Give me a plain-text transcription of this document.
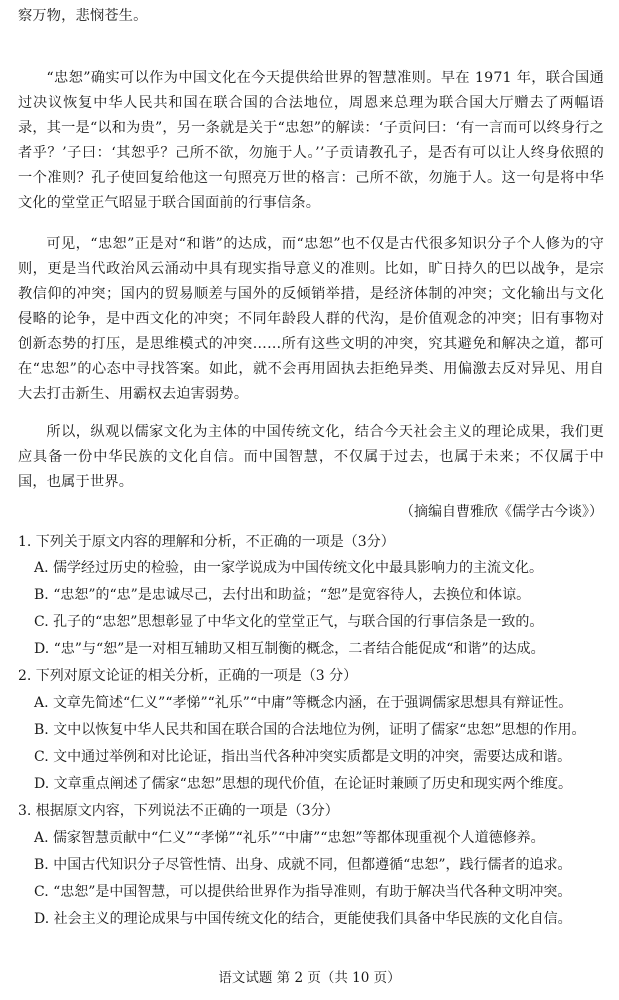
察万物，悲悯苍生。

“忠恕”确实可以作为中国文化在今天提供给世界的智慧准则。早在 1971 年，联合国通过决议恢复中华人民共和国在联合国的合法地位，周恩来总理为联合国大厅赠去了两幅语录，其一是“以和为贵”，另一条就是关于“忠恕”的解读：‘子贡问曰：‘有一言而可以终身行之者乎？’子曰：‘其恕乎？己所不欲，勿施于人。’’子贡请教孔子，是否有可以让人终身依照的一个准则？孔子使回复给他这一句照亮万世的格言：己所不欲，勿施于人。这一句是将中华文化的堂堂正气昭显于联合国面前的行事信条。

可见，“忠恕”正是对“和谐”的达成，而“忠恕”也不仅是古代很多知识分子个人修为的守则，更是当代政治风云涌动中具有现实指导意义的准则。比如，旷日持久的巴以战争，是宗教信仰的冲突；国内的贸易顺差与国外的反倾销举措，是经济体制的冲突；文化输出与文化侵略的论争，是中西文化的冲突；不同年龄段人群的代沟，是价值观念的冲突；旧有事物对创新态势的打压，是思维模式的冲突……所有这些文明的冲突，究其避免和解决之道，都可在“忠恕”的心态中寻找答案。如此，就不会再用固执去拒绝异类、用偏激去反对异见、用自大去打击新生、用霸权去迫害弱势。

所以，纵观以儒家文化为主体的中国传统文化，结合今天社会主义的理论成果，我们更应具备一份中华民族的文化自信。而中国智慧，不仅属于过去，也属于未来；不仅属于中国，也属于世界。

（摘编自曹雅欣《儒学古今谈》）
1. 下列关于原文内容的理解和分析，不正确的一项是（3分）
A. 儒学经过历史的检验，由一家学说成为中国传统文化中最具影响力的主流文化。
B. “忠恕”的“忠”是忠诚尽己，去付出和助益；“恕”是宽容待人，去换位和体谅。
C. 孔子的“忠恕”思想彰显了中华文化的堂堂正气，与联合国的行事信条是一致的。
D. “忠”与“恕”是一对相互辅助又相互制衡的概念，二者结合能促成“和谐”的达成。
2. 下列对原文论证的相关分析，正确的一项是（3 分）
A. 文章先简述“仁义”“孝悌”“礼乐”“中庸”等概念内涵，在于强调儒家思想具有辩证性。
B. 文中以恢复中华人民共和国在联合国的合法地位为例，证明了儒家“忠恕”思想的作用。
C. 文中通过举例和对比论证，指出当代各种冲突实质都是文明的冲突，需要达成和谐。
D. 文章重点阐述了儒家“忠恕”思想的现代价值，在论证时兼顾了历史和现实两个维度。
3. 根据原文内容，下列说法不正确的一项是（3分）
A. 儒家智慧贡献中“仁义”“孝悌”“礼乐”“中庸”“忠恕”等都体现重视个人道德修养。
B. 中国古代知识分子尽管性情、出身、成就不同，但都遵循“忠恕”，践行儒者的追求。
C. “忠恕”是中国智慧，可以提供给世界作为指导准则，有助于解决当代各种文明冲突。
D. 社会主义的理论成果与中国传统文化的结合，更能使我们具备中华民族的文化自信。
语文试题 第 2 页（共 10 页）
